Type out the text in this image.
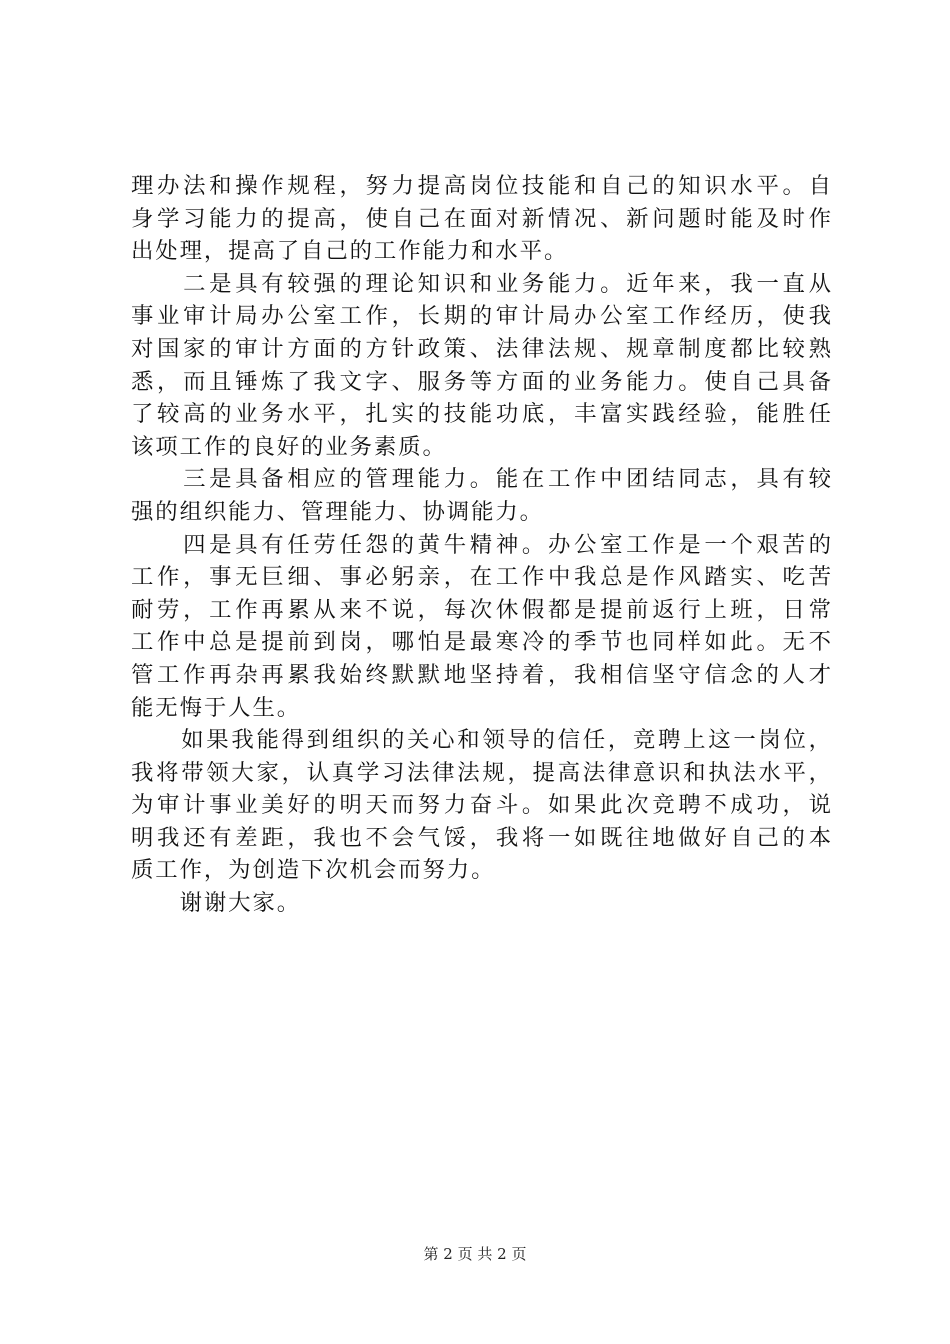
理办法和操作规程，努力提高岗位技能和自己的知识水平。自
身学习能力的提高，使自己在面对新情况、新问题时能及时作
出处理，提高了自己的工作能力和水平。
　　二是具有较强的理论知识和业务能力。近年来，我一直从
事业审计局办公室工作，长期的审计局办公室工作经历，使我
对国家的审计方面的方针政策、法律法规、规章制度都比较熟
悉，而且锤炼了我文字、服务等方面的业务能力。使自己具备
了较高的业务水平，扎实的技能功底，丰富实践经验，能胜任
该项工作的良好的业务素质。
　　三是具备相应的管理能力。能在工作中团结同志，具有较
强的组织能力、管理能力、协调能力。
　　四是具有任劳任怨的黄牛精神。办公室工作是一个艰苦的
工作，事无巨细、事必躬亲，在工作中我总是作风踏实、吃苦
耐劳，工作再累从来不说，每次休假都是提前返行上班，日常
工作中总是提前到岗，哪怕是最寒冷的季节也同样如此。无不
管工作再杂再累我始终默默地坚持着，我相信坚守信念的人才
能无悔于人生。
　　如果我能得到组织的关心和领导的信任，竞聘上这一岗位，
我将带领大家，认真学习法律法规，提高法律意识和执法水平，
为审计事业美好的明天而努力奋斗。如果此次竞聘不成功，说
明我还有差距，我也不会气馁，我将一如既往地做好自己的本
质工作，为创造下次机会而努力。
　　谢谢大家。
第 2 页 共 2 页
